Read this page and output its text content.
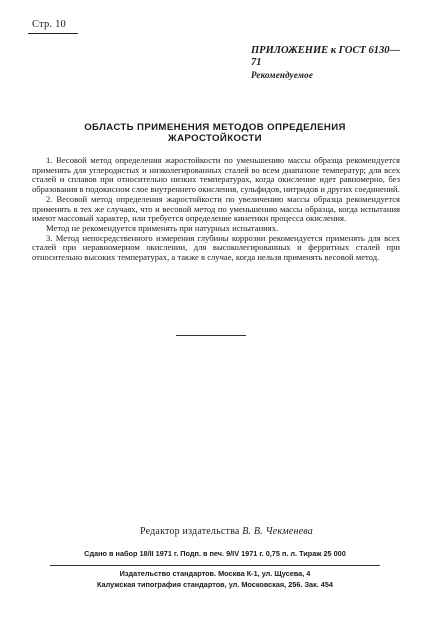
Стр. 10
ПРИЛОЖЕНИЕ к ГОСТ 6130—71
Рекомендуемое
ОБЛАСТЬ ПРИМЕНЕНИЯ МЕТОДОВ ОПРЕДЕЛЕНИЯ
ЖАРОСТОЙКОСТИ

1. Весовой метод определения жаростойкости по уменьшению массы образца рекомендуется применять для углеродистых и низколегированных сталей во всем диапазоне температур; для всех сталей и сплавов при относительно низких температурах, когда окисление идет равномерно, без образования в подокисном слое внутреннего окисления, сульфидов, нитридов и других соединений.

2. Весовой метод определения жаростойкости по увеличению массы образца рекомендуется применять в тех же случаях, что и весовой метод по уменьшению массы образца, когда испытания имеют массовый характер, или требуется определение кинетики процесса окисления.

Метод не рекомендуется применять при натурных испытаниях.

3. Метод непосредственного измерения глубины коррозии рекомендуется применять для всех сталей при неравномерном окислении, для высоколегированных и ферритных сталей при относительно высоких температурах, а также в случае, когда нельзя применять весовой метод.

Редактор издательства В. В. Чекменева
Сдано в набор 18/II 1971 г. Подп. в печ. 9/IV 1971 г. 0,75 п. л. Тираж 25 000
Издательство стандартов. Москва К-1, ул. Щусева, 4
Калужская типография стандартов, ул. Московская, 256. Зак. 454
